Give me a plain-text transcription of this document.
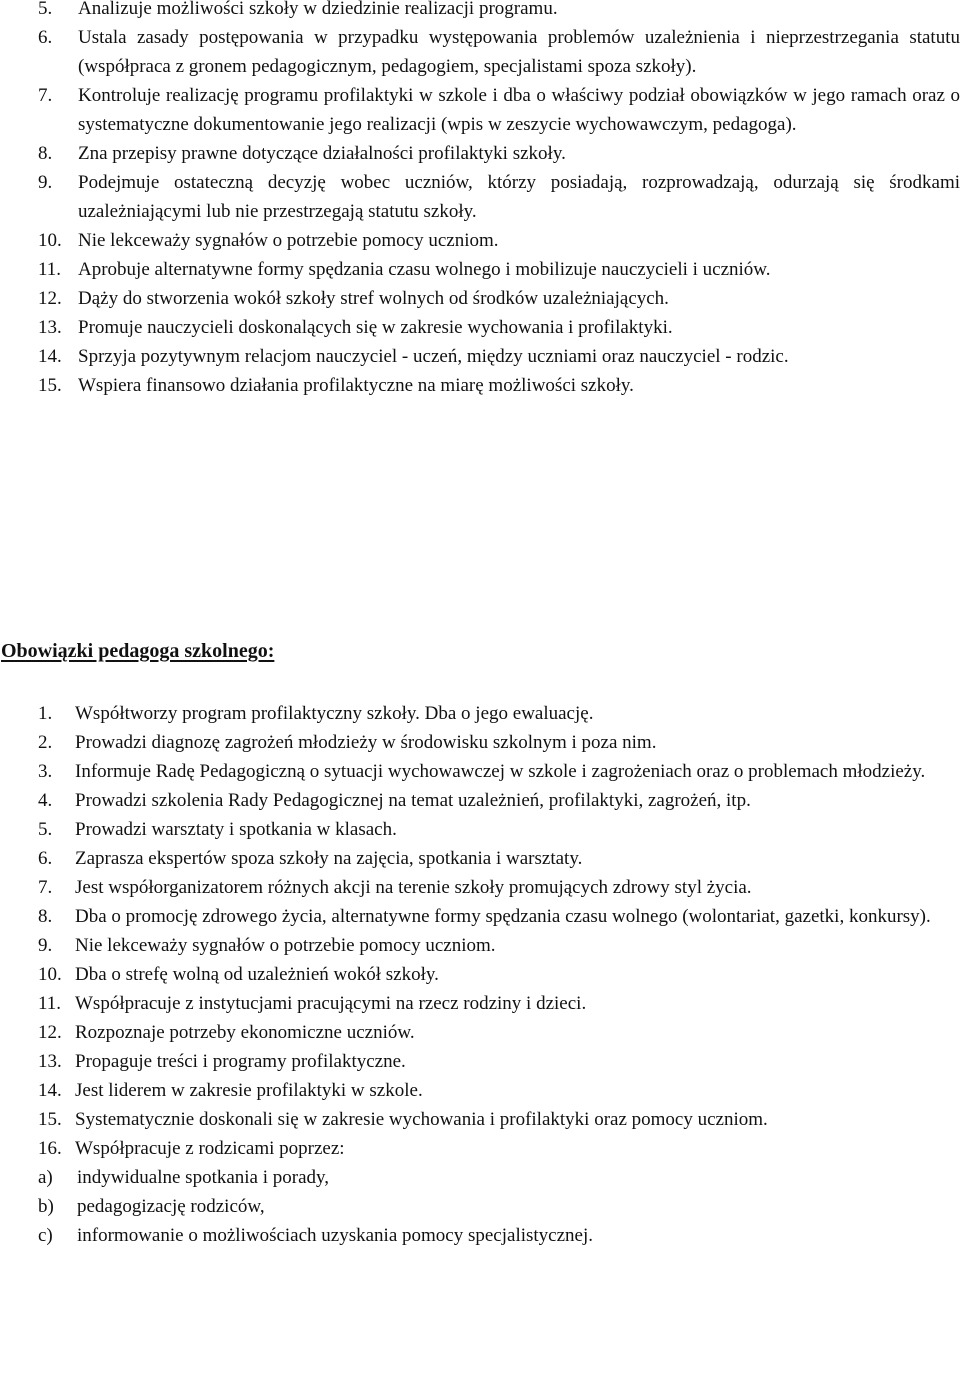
5.	Analizuje możliwości szkoły w dziedzinie realizacji programu.
6.	Ustala zasady postępowania w przypadku występowania problemów uzależnienia i nieprzestrzegania statutu (współpraca z gronem pedagogicznym, pedagogiem, specjalistami spoza szkoły).
7.	Kontroluje realizację programu profilaktyki w szkole i dba o właściwy podział obowiązków w jego ramach oraz o systematyczne dokumentowanie jego realizacji (wpis w zeszycie wychowawczym, pedagoga).
8.	Zna przepisy prawne dotyczące działalności profilaktyki szkoły.
9.	Podejmuje ostateczną decyzję wobec uczniów, którzy posiadają, rozprowadzają, odurzają się środkami uzależniającymi lub nie przestrzegają statutu szkoły.
10. Nie lekceważy sygnałów o potrzebie pomocy uczniom.
11. Aprobuje alternatywne formy spędzania czasu wolnego i mobilizuje nauczycieli i uczniów.
12. Dąży do stworzenia wokół szkoły stref wolnych od środków uzależniających.
13. Promuje nauczycieli doskonalących się w zakresie wychowania i profilaktyki.
14. Sprzyja pozytywnym relacjom nauczyciel - uczeń, między uczniami oraz nauczyciel - rodzic.
15. Wspiera finansowo działania profilaktyczne na miarę możliwości szkoły.
Obowiązki pedagoga szkolnego:
1. Współtworzy program profilaktyczny szkoły. Dba o jego ewaluację.
2. Prowadzi diagnozę zagrożeń młodzieży w środowisku szkolnym i poza nim.
3. Informuje Radę Pedagogiczną o sytuacji wychowawczej w szkole i zagrożeniach oraz o problemach młodzieży.
4. Prowadzi szkolenia Rady Pedagogicznej na temat uzależnień, profilaktyki, zagrożeń, itp.
5. Prowadzi warsztaty i spotkania w klasach.
6. Zaprasza ekspertów spoza szkoły na zajęcia, spotkania i warsztaty.
7. Jest współorganizatorem różnych akcji na terenie szkoły promujących zdrowy styl życia.
8. Dba o promocję zdrowego życia, alternatywne formy spędzania czasu wolnego (wolontariat, gazetki, konkursy).
9. Nie lekceważy sygnałów o potrzebie pomocy uczniom.
10. Dba o strefę wolną od uzależnień wokół szkoły.
11. Współpracuje z instytucjami pracującymi na rzecz rodziny i dzieci.
12. Rozpoznaje potrzeby ekonomiczne uczniów.
13. Propaguje treści i programy profilaktyczne.
14. Jest liderem w zakresie profilaktyki w szkole.
15. Systematycznie doskonali się w zakresie wychowania i profilaktyki oraz pomocy uczniom.
16. Współpracuje z rodzicami poprzez:
a) indywidualne spotkania i porady,
b) pedagogizację rodziców,
c) informowanie o możliwościach uzyskania pomocy specjalistycznej.
